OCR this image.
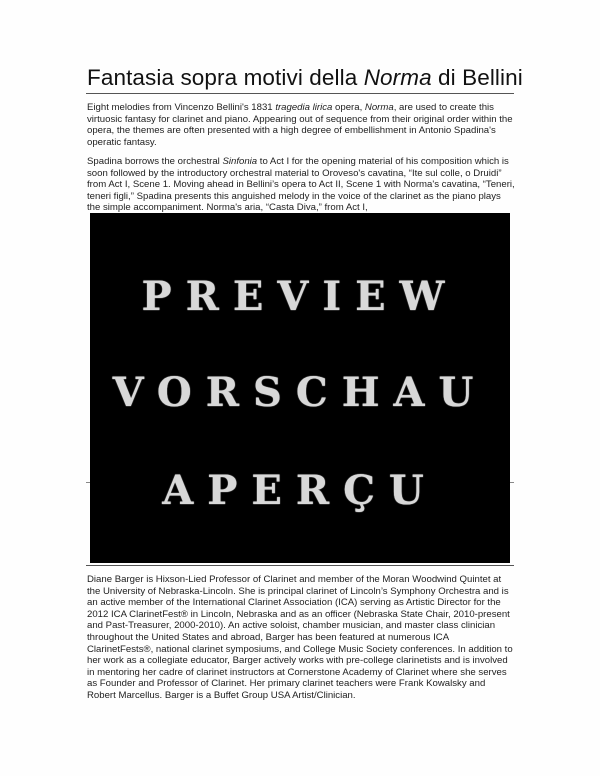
Fantasia sopra motivi della Norma di Bellini

Eight melodies from Vincenzo Bellini's 1831 tragedia lirica opera, Norma, are used to create this virtuosic fantasy for clarinet and piano. Appearing out of sequence from their original order within the opera, the themes are often presented with a high degree of embellishment in Antonio Spadina's operatic fantasy.

Spadina borrows the orchestral Sinfonia to Act I for the opening material of his composition which is soon followed by the introductory orchestral material to Oroveso's cavatina, “Ite sul colle, o Druidi” from Act I, Scene 1. Moving ahead in Bellini’s opera to Act II, Scene 1 with Norma's cavatina, “Teneri, teneri figli,” Spadina presents this anguished melody in the voice of the clarinet as the piano plays the simple accompaniment. Norma's aria, “Casta Diva,” from Act I,

PREVIEW

VORSCHAU

APERÇU

Diane Barger is Hixson-Lied Professor of Clarinet and member of the Moran Woodwind Quintet at the University of Nebraska-Lincoln. She is principal clarinet of Lincoln’s Symphony Orchestra and is an active member of the International Clarinet Association (ICA) serving as Artistic Director for the 2012 ICA ClarinetFest® in Lincoln, Nebraska and as an officer (Nebraska State Chair, 2010-present and Past-Treasurer, 2000-2010). An active soloist, chamber musician, and master class clinician throughout the United States and abroad, Barger has been featured at numerous ICA ClarinetFests®, national clarinet symposiums, and College Music Society conferences. In addition to her work as a collegiate educator, Barger actively works with pre-college clarinetists and is involved in mentoring her cadre of clarinet instructors at Cornerstone Academy of Clarinet where she serves as Founder and Professor of Clarinet. Her primary clarinet teachers were Frank Kowalsky and Robert Marcellus. Barger is a Buffet Group USA Artist/Clinician.
